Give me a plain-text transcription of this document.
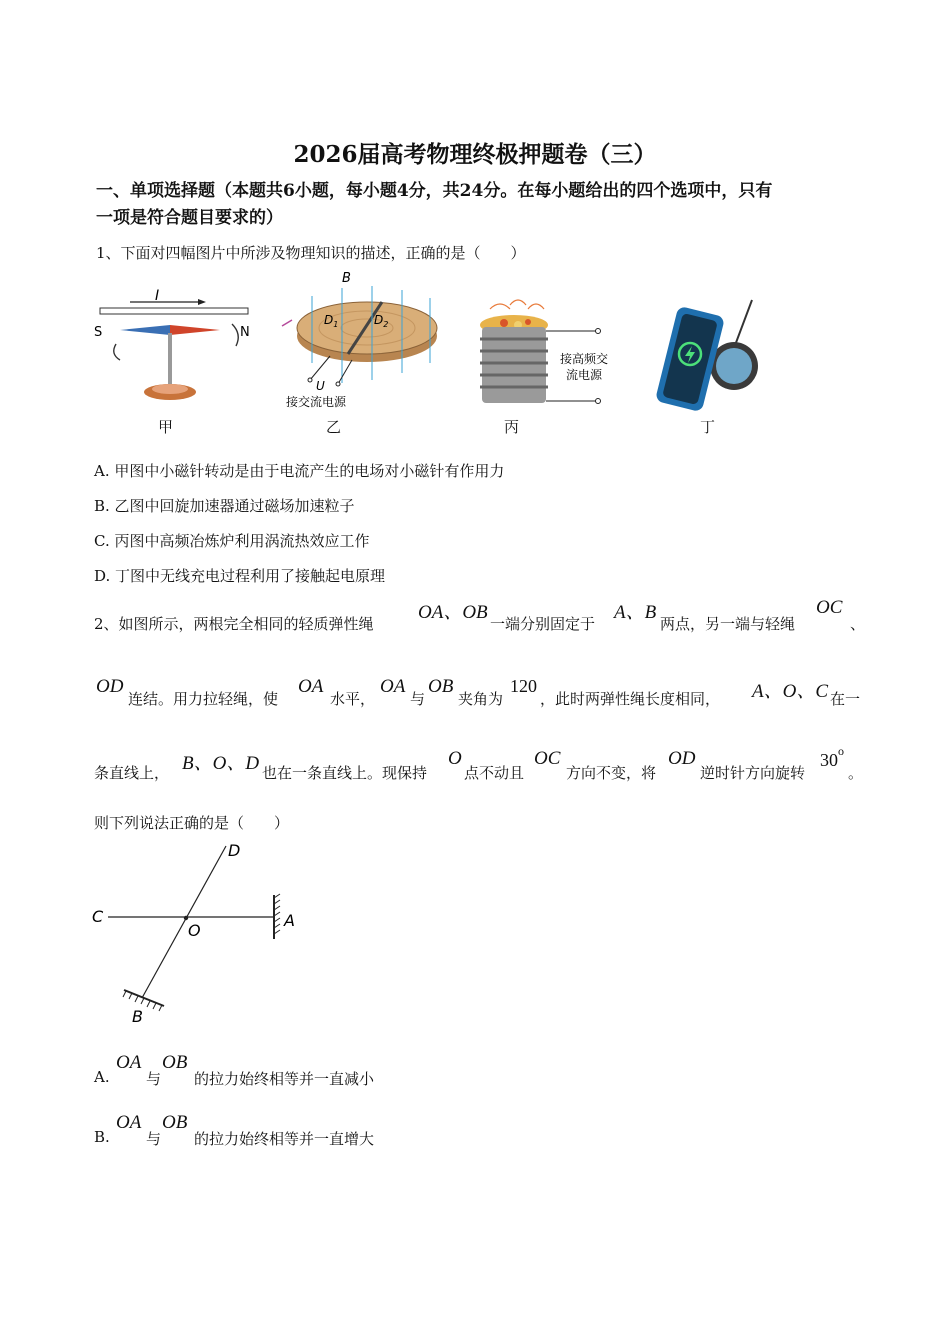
2026届高考物理终极押题卷（三）
一、单项选择题（本题共6小题，每小题4分，共24分。在每小题给出的四个选项中，只有
一项是符合题目要求的）
1、下面对四幅图片中所涉及物理知识的描述，正确的是（　　）
I
S	N
甲
B
$D_1$	$D_2$
U
接交流电源
乙
接高频交
流电源
丙	丁
A. 甲图中小磁针转动是由于电流产生的电场对小磁针有作用力
B. 乙图中回旋加速器通过磁场加速粒子
C. 丙图中高频冶炼炉利用涡流热效应工作
D. 丁图中无线充电过程利用了接触起电原理
2、如图所示，两根完全相同的轻质弹性绳
OA、OB
一端分别固定于
A、B
两点，另一端与轻绳
OC
、
OD
连结。用力拉轻绳，使
OA
水平，
OA
与
OB
夹角为
120
，此时两弹性绳长度相同， A、O、C 在一
条直线上， B、O、D 也在一条直线上。现保持
O
点不动且
OC
方向不变，将
OD
逆时针方向旋转
30 o
。
则下列说法正确的是（　　）
D
C
O
A
B
A.
OA
与
OB
的拉力始终相等并一直减小
B.
OA
与
OB
的拉力始终相等并一直增大
